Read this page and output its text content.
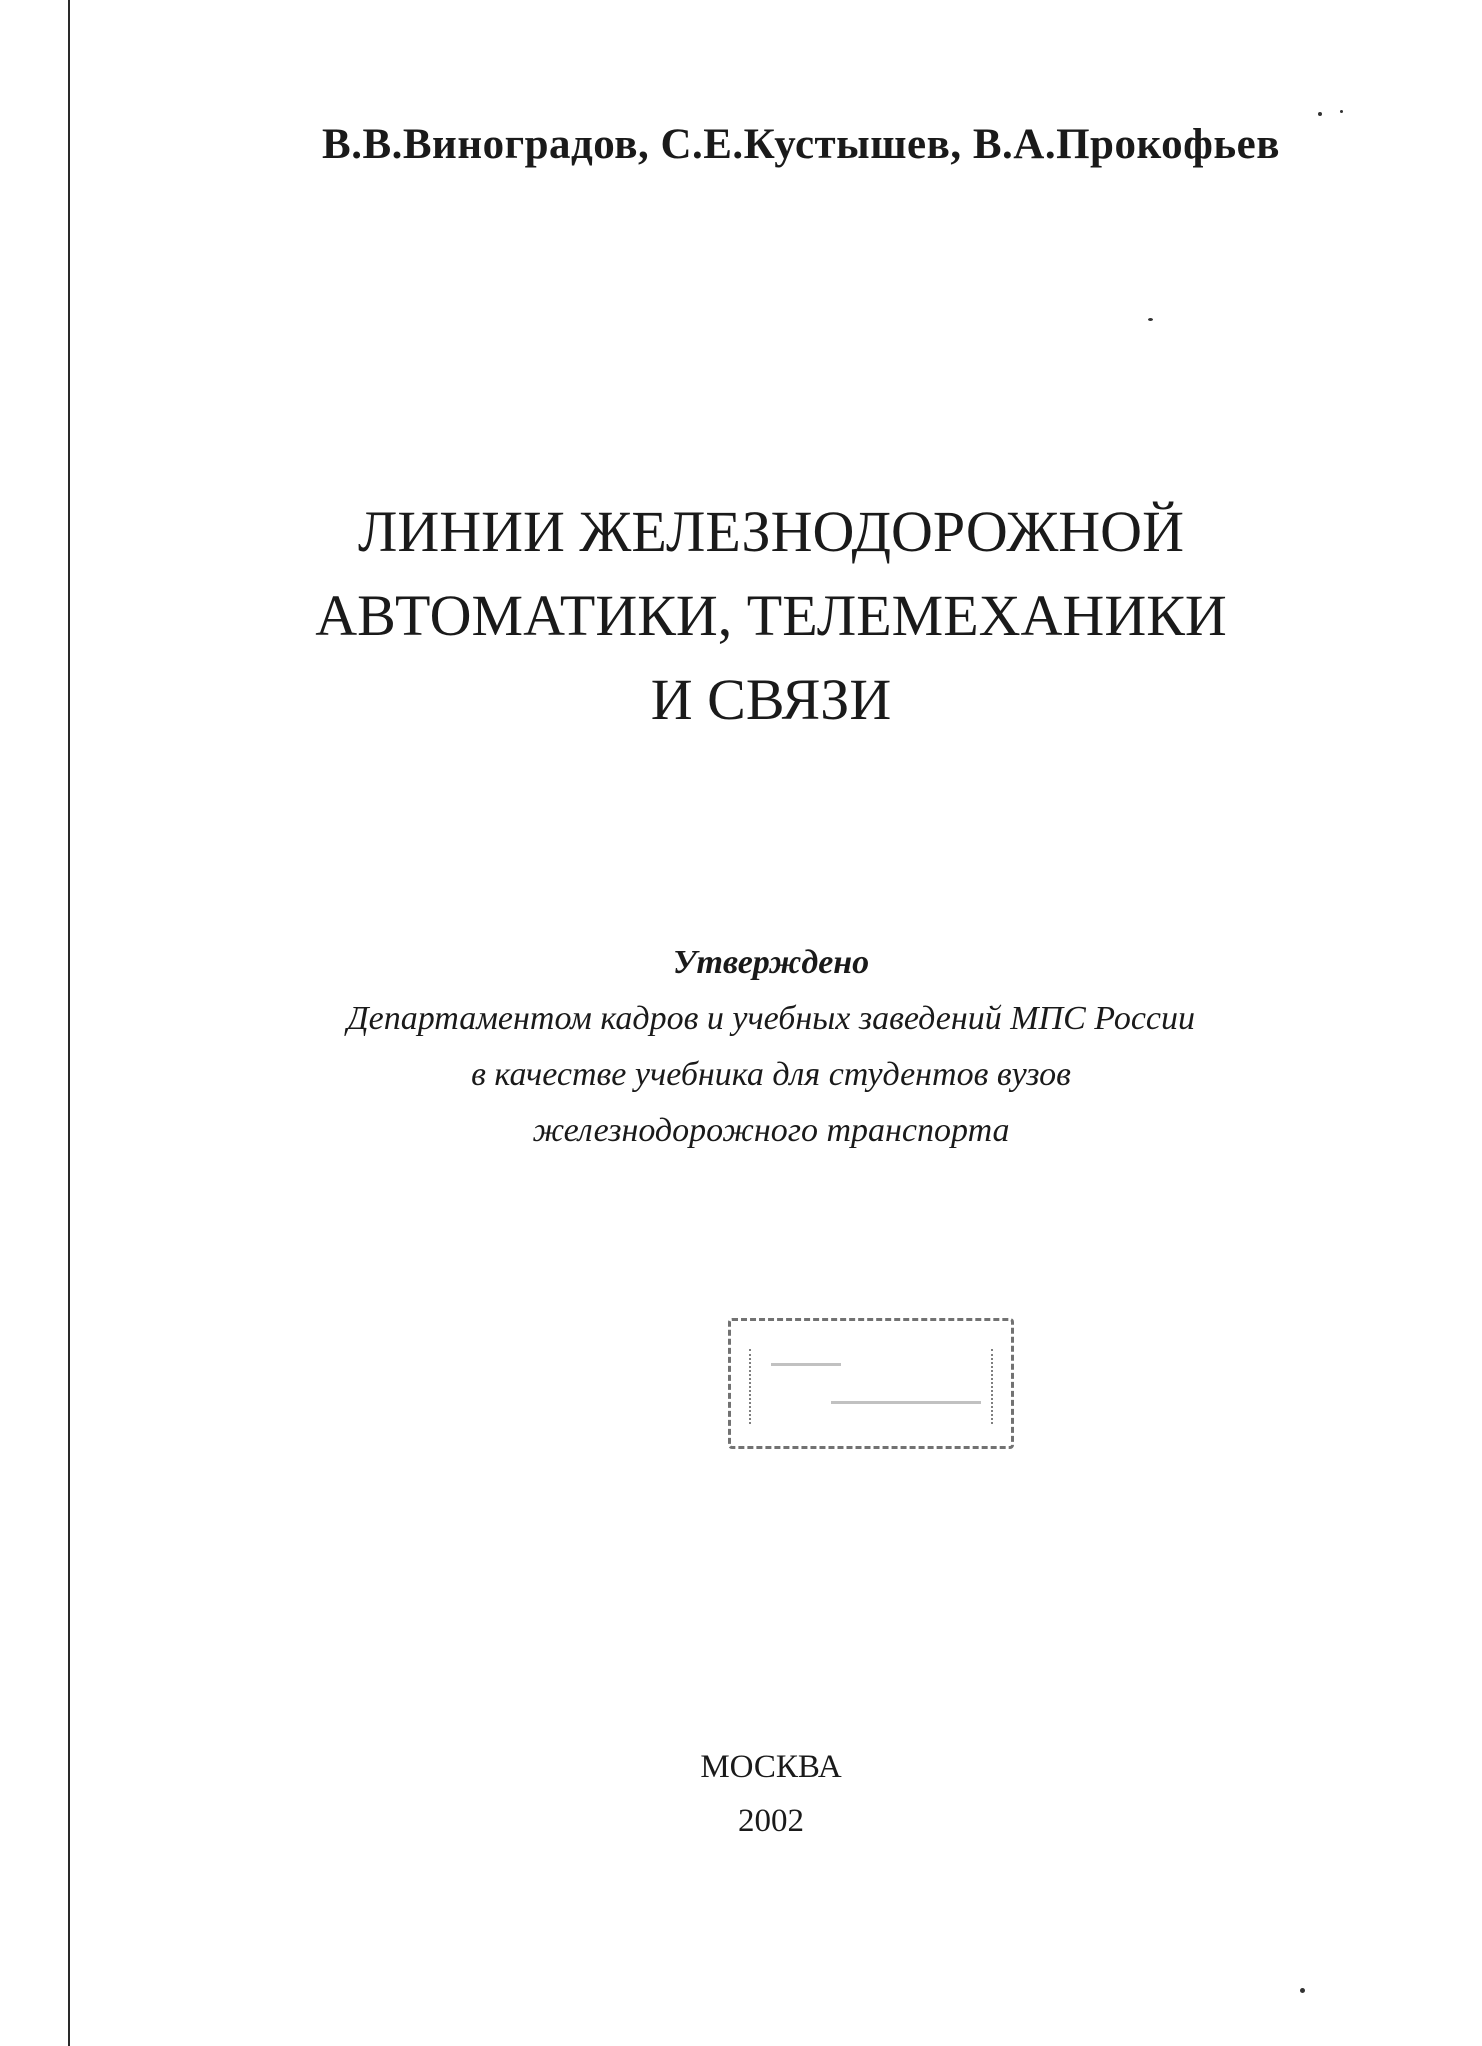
В.В.Виноградов, С.Е.Кустышев, В.А.Прокофьев
ЛИНИИ ЖЕЛЕЗНОДОРОЖНОЙ
АВТОМАТИКИ, ТЕЛЕМЕХАНИКИ
И СВЯЗИ
Утверждено
Департаментом кадров и учебных заведений МПС России
в качестве учебника для студентов вузов
железнодорожного транспорта
МОСКВА
2002
